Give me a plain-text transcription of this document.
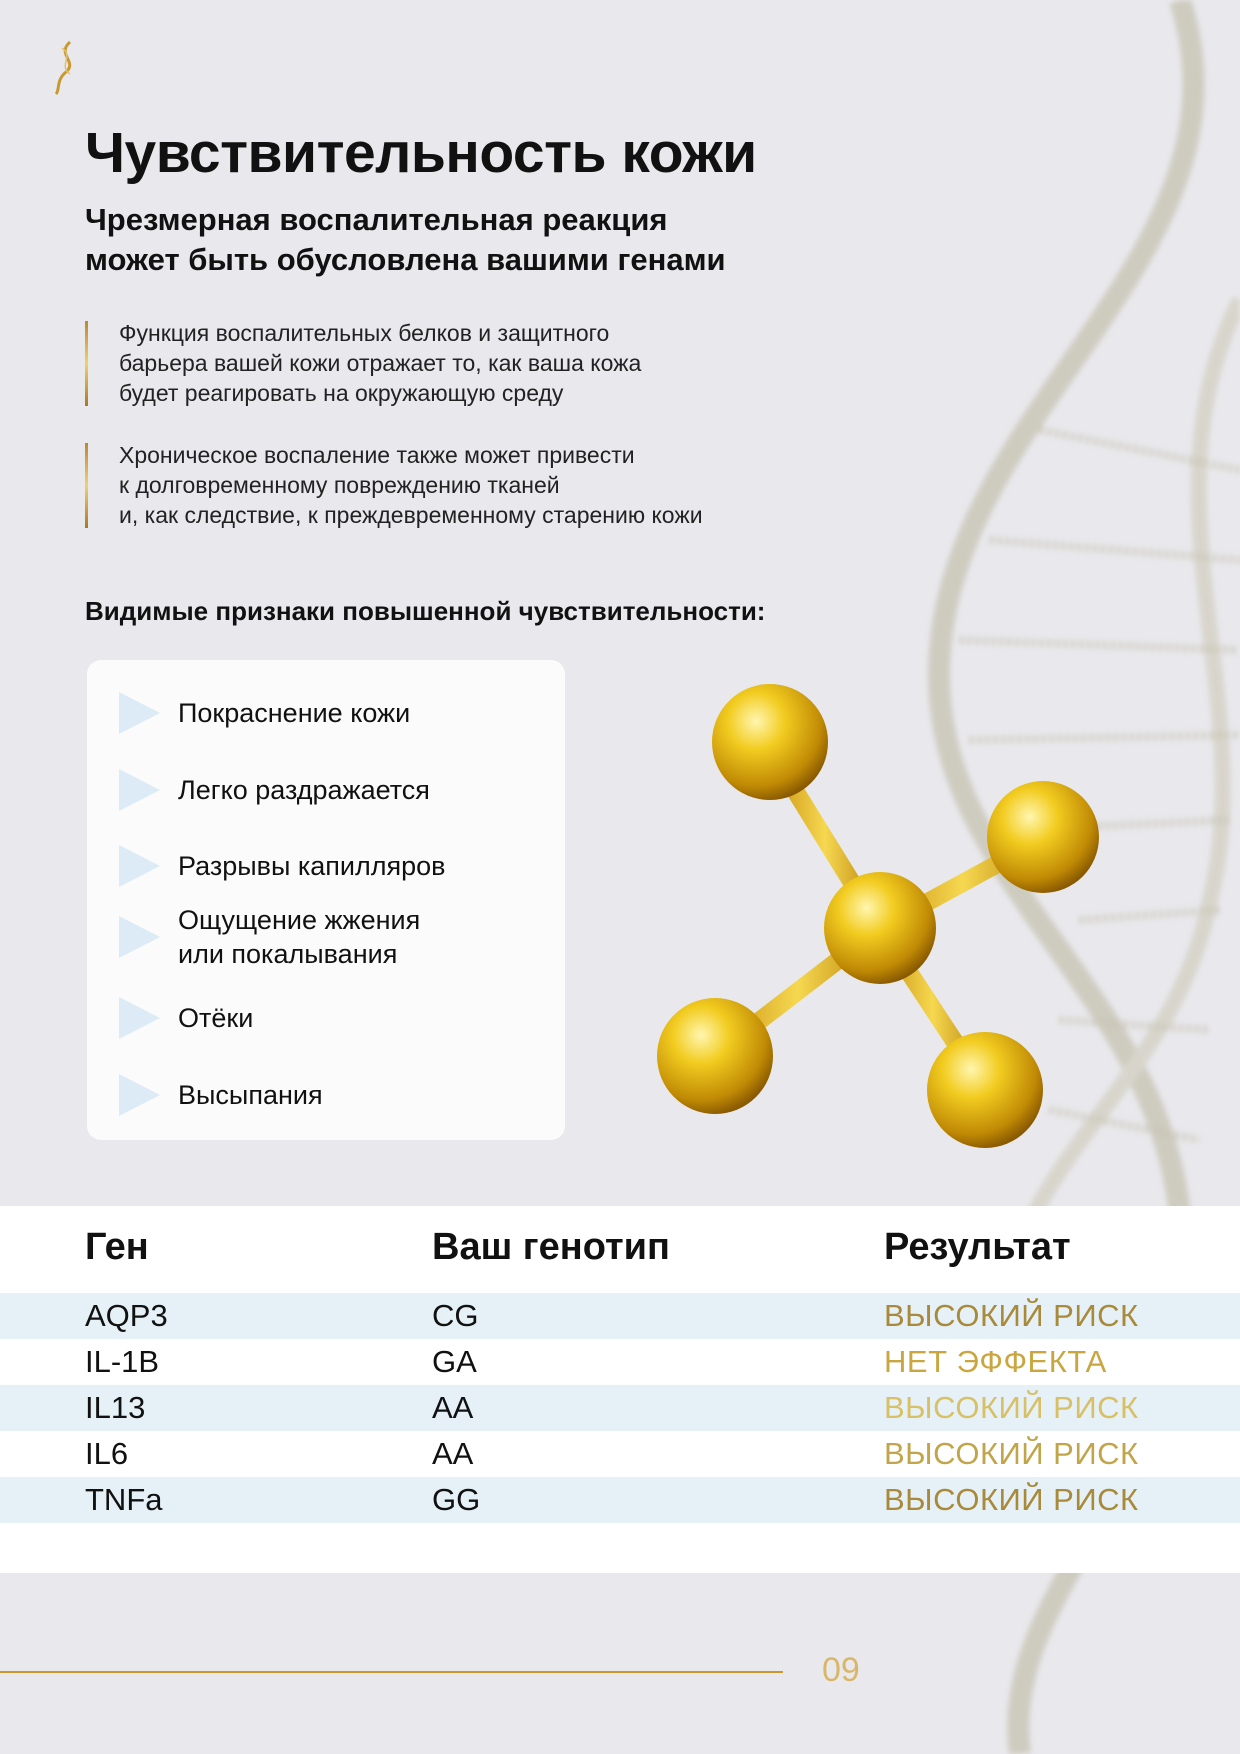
Чувствительность кожи
Чрезмерная воспалительная реакция
может быть обусловлена вашими генами
Функция воспалительных белков и защитного
барьера вашей кожи отражает то, как ваша кожа
будет реагировать на окружающую среду
Хроническое воспаление также может привести
к долговременному повреждению тканей
и, как следствие, к преждевременному старению кожи
Видимые признаки повышенной чувствительности:
Покраснение кожи
Легко раздражается
Разрывы капилляров
Ощущение жжения
или покалывания
Отёки
Высыпания
Ген	Ваш генотип	Результат
AQP3	CG	ВЫСОКИЙ РИСК
IL-1B	GA	НЕТ ЭФФЕКТА
IL13	AA	ВЫСОКИЙ РИСК
IL6	AA	ВЫСОКИЙ РИСК
TNFa	GG	ВЫСОКИЙ РИСК
09
